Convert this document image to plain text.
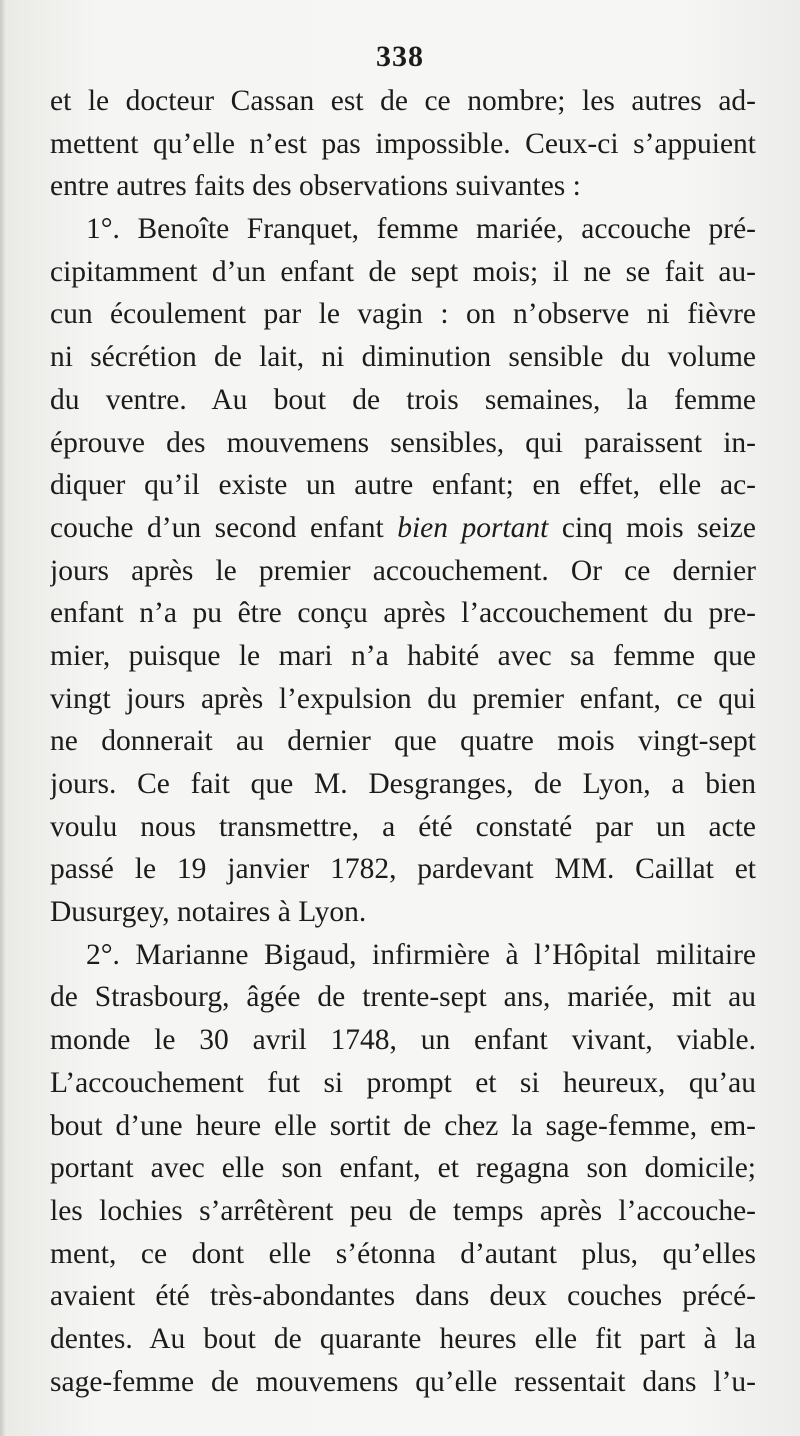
338
et le docteur Cassan est de ce nombre; les autres ad-
mettent qu’elle n’est pas impossible. Ceux-ci s’appuient
entre autres faits des observations suivantes :
1°. Benoîte Franquet, femme mariée, accouche pré-
cipitamment d’un enfant de sept mois; il ne se fait au-
cun écoulement par le vagin : on n’observe ni fièvre
ni sécrétion de lait, ni diminution sensible du volume
du ventre. Au bout de trois semaines, la femme
éprouve des mouvemens sensibles, qui paraissent in-
diquer qu’il existe un autre enfant; en effet, elle ac-
couche d’un second enfant bien portant cinq mois seize
jours après le premier accouchement. Or ce dernier
enfant n’a pu être conçu après l’accouchement du pre-
mier, puisque le mari n’a habité avec sa femme que
vingt jours après l’expulsion du premier enfant, ce qui
ne donnerait au dernier que quatre mois vingt-sept
jours. Ce fait que M. Desgranges, de Lyon, a bien
voulu nous transmettre, a été constaté par un acte
passé le 19 janvier 1782, pardevant MM. Caillat et
Dusurgey, notaires à Lyon.
2°. Marianne Bigaud, infirmière à l’Hôpital militaire
de Strasbourg, âgée de trente-sept ans, mariée, mit au
monde le 30 avril 1748, un enfant vivant, viable.
L’accouchement fut si prompt et si heureux, qu’au
bout d’une heure elle sortit de chez la sage-femme, em-
portant avec elle son enfant, et regagna son domicile;
les lochies s’arrêtèrent peu de temps après l’accouche-
ment, ce dont elle s’étonna d’autant plus, qu’elles
avaient été très-abondantes dans deux couches précé-
dentes. Au bout de quarante heures elle fit part à la
sage-femme de mouvemens qu’elle ressentait dans l’u-
